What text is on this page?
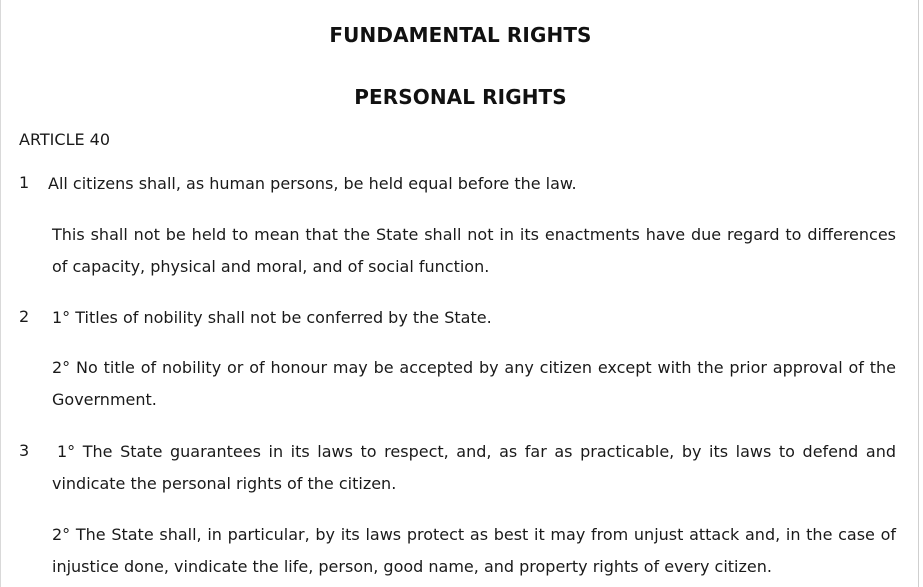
FUNDAMENTAL RIGHTS
PERSONAL RIGHTS
ARTICLE 40
1 All citizens shall, as human persons, be held equal before the law.

This shall not be held to mean that the State shall not in its enactments have due regard to differences of capacity, physical and moral, and of social function.

2 1° Titles of nobility shall not be conferred by the State.

2° No title of nobility or of honour may be accepted by any citizen except with the prior approval of the Government.

3	1° The State guarantees in its laws to respect, and, as far as practicable, by its laws to defend and vindicate the personal rights of the citizen.

2° The State shall, in particular, by its laws protect as best it may from unjust attack and, in the case of injustice done, vindicate the life, person, good name, and property rights of every citizen.
